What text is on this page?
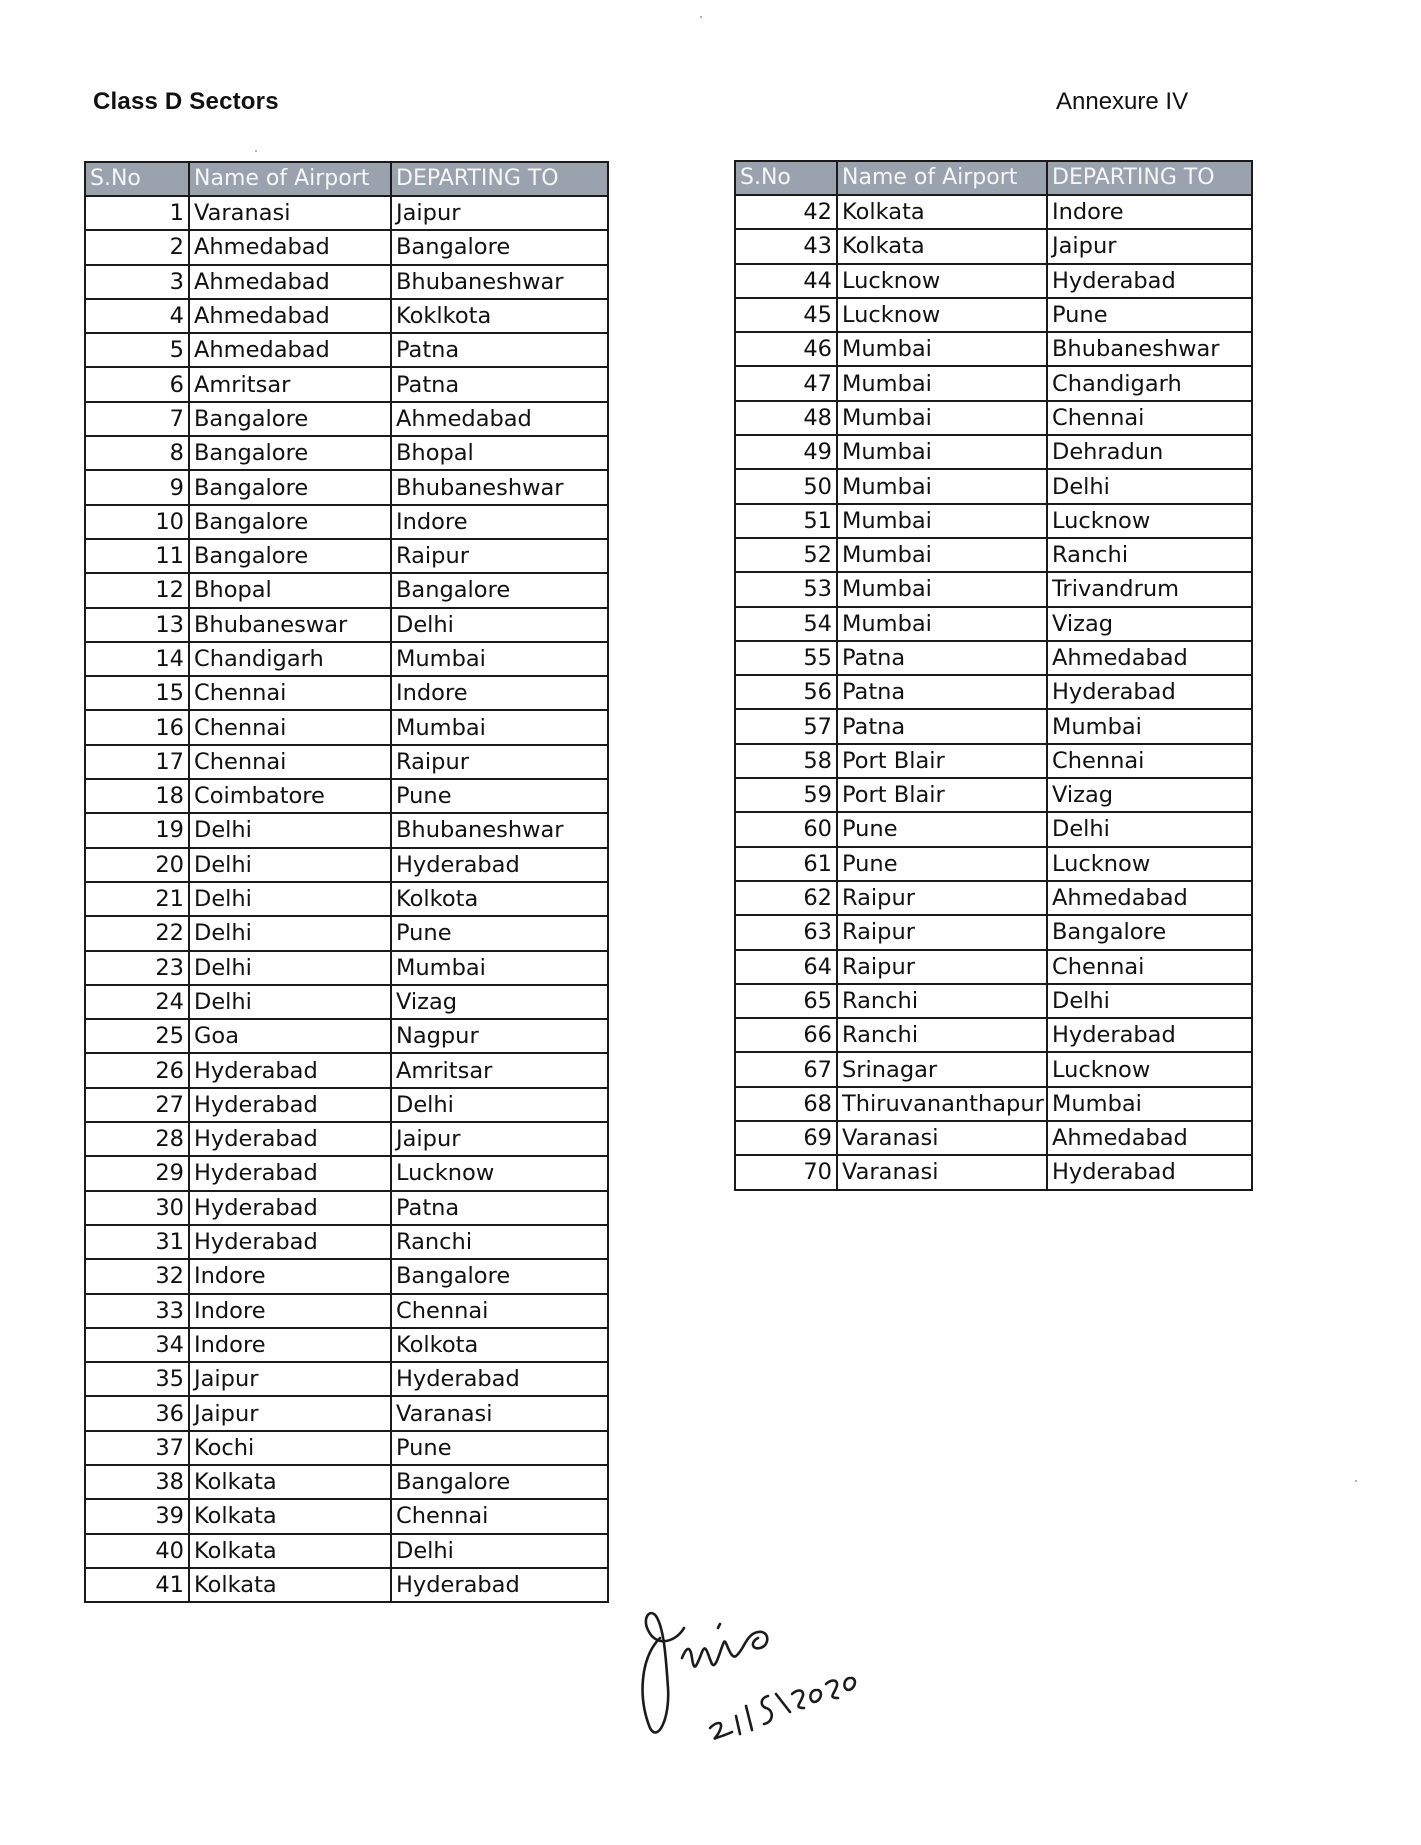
Class D Sectors	Annexure IV
S.No	Name of Airport	DEPARTING TO
1	Varanasi	Jaipur
2	Ahmedabad	Bangalore
3	Ahmedabad	Bhubaneshwar
4	Ahmedabad	Koklkota
5	Ahmedabad	Patna
6	Amritsar	Patna
7	Bangalore	Ahmedabad
8	Bangalore	Bhopal
9	Bangalore	Bhubaneshwar
10	Bangalore	Indore
11	Bangalore	Raipur
12	Bhopal	Bangalore
13	Bhubaneswar	Delhi
14	Chandigarh	Mumbai
15	Chennai	Indore
16	Chennai	Mumbai
17	Chennai	Raipur
18	Coimbatore	Pune
19	Delhi	Bhubaneshwar
20	Delhi	Hyderabad
21	Delhi	Kolkota
22	Delhi	Pune
23	Delhi	Mumbai
24	Delhi	Vizag
25	Goa	Nagpur
26	Hyderabad	Amritsar
27	Hyderabad	Delhi
28	Hyderabad	Jaipur
29	Hyderabad	Lucknow
30	Hyderabad	Patna
31	Hyderabad	Ranchi
32	Indore	Bangalore
33	Indore	Chennai
34	Indore	Kolkota
35	Jaipur	Hyderabad
36	Jaipur	Varanasi
37	Kochi	Pune
38	Kolkata	Bangalore
39	Kolkata	Chennai
40	Kolkata	Delhi
41	Kolkata	Hyderabad
S.No	Name of Airport	DEPARTING TO
42	Kolkata	Indore
43	Kolkata	Jaipur
44	Lucknow	Hyderabad
45	Lucknow	Pune
46	Mumbai	Bhubaneshwar
47	Mumbai	Chandigarh
48	Mumbai	Chennai
49	Mumbai	Dehradun
50	Mumbai	Delhi
51	Mumbai	Lucknow
52	Mumbai	Ranchi
53	Mumbai	Trivandrum
54	Mumbai	Vizag
55	Patna	Ahmedabad
56	Patna	Hyderabad
57	Patna	Mumbai
58	Port Blair	Chennai
59	Port Blair	Vizag
60	Pune	Delhi
61	Pune	Lucknow
62	Raipur	Ahmedabad
63	Raipur	Bangalore
64	Raipur	Chennai
65	Ranchi	Delhi
66	Ranchi	Hyderabad
67	Srinagar	Lucknow
68	Thiruvananthapur	Mumbai
69	Varanasi	Ahmedabad
70	Varanasi	Hyderabad
